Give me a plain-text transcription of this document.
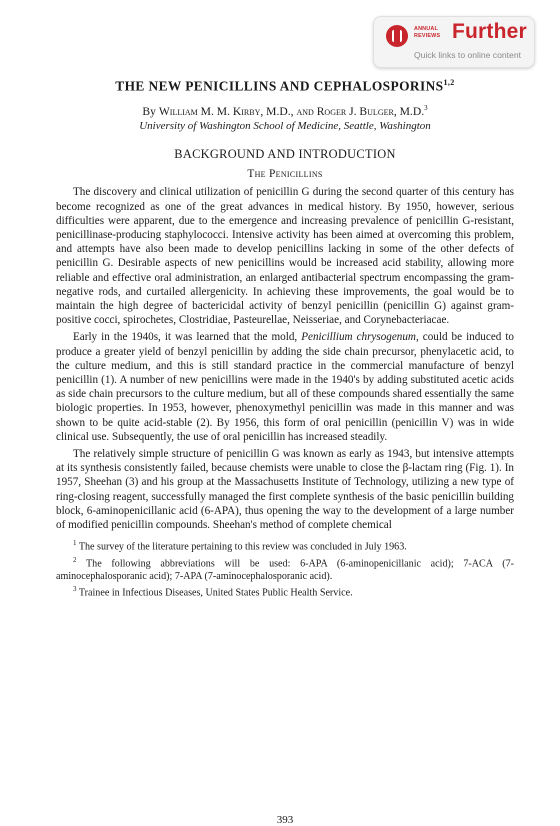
ANNUAL
REVIEWS Further
Quick links to online content
THE NEW PENICILLINS AND CEPHALOSPORINS$^{1,2}$
By William M. M. Kirby, M.D., and Roger J. Bulger, M.D.$^3$
University of Washington School of Medicine, Seattle, Washington
BACKGROUND AND INTRODUCTION
The Penicillins

The discovery and clinical utilization of penicillin G during the second quarter of this century has become recognized as one of the great advances in medical history. By 1950, however, serious difficulties were apparent, due to the emergence and increasing prevalence of penicillin G-resistant, penicillinase-producing staphylococci. Intensive activity has been aimed at overcoming this problem, and attempts have also been made to develop penicillins lacking in some of the other defects of penicillin G. Desirable aspects of new penicillins would be increased acid stability, allowing more reliable and effective oral administration, an enlarged antibacterial spectrum encompassing the gram-negative rods, and curtailed allergenicity. In achieving these improvements, the goal would be to maintain the high degree of bactericidal activity of benzyl penicillin (penicillin G) against gram-positive cocci, spirochetes, Clostridiae, Pasteurellae, Neisseriae, and Corynebacteriacae.

Early in the 1940s, it was learned that the mold, Penicillium chrysogenum, could be induced to produce a greater yield of benzyl penicillin by adding the side chain precursor, phenylacetic acid, to the culture medium, and this is still standard practice in the commercial manufacture of benzyl penicillin (1). A number of new penicillins were made in the 1940's by adding substituted acetic acids as side chain precursors to the culture medium, but all of these compounds shared essentially the same biologic properties. In 1953, however, phenoxymethyl penicillin was made in this manner and was shown to be quite acid-stable (2). By 1956, this form of oral penicillin (penicillin V) was in wide clinical use. Subsequently, the use of oral penicillin has increased steadily.

The relatively simple structure of penicillin G was known as early as 1943, but intensive attempts at its synthesis consistently failed, because chemists were unable to close the β-lactam ring (Fig. 1). In 1957, Sheehan (3) and his group at the Massachusetts Institute of Technology, utilizing a new type of ring-closing reagent, successfully managed the first complete synthesis of the basic penicillin building block, 6-aminopenicillanic acid (6-APA), thus opening the way to the development of a large number of modified penicillin compounds. Sheehan's method of complete chemical

$^1$ The survey of the literature pertaining to this review was concluded in July 1963.

$^2$ The following abbreviations will be used: 6-APA (6-aminopenicillanic acid); 7-ACA (7-aminocephalosporanic acid); 7-APA (7-aminocephalosporanic acid).

$^3$ Trainee in Infectious Diseases, United States Public Health Service.

393
